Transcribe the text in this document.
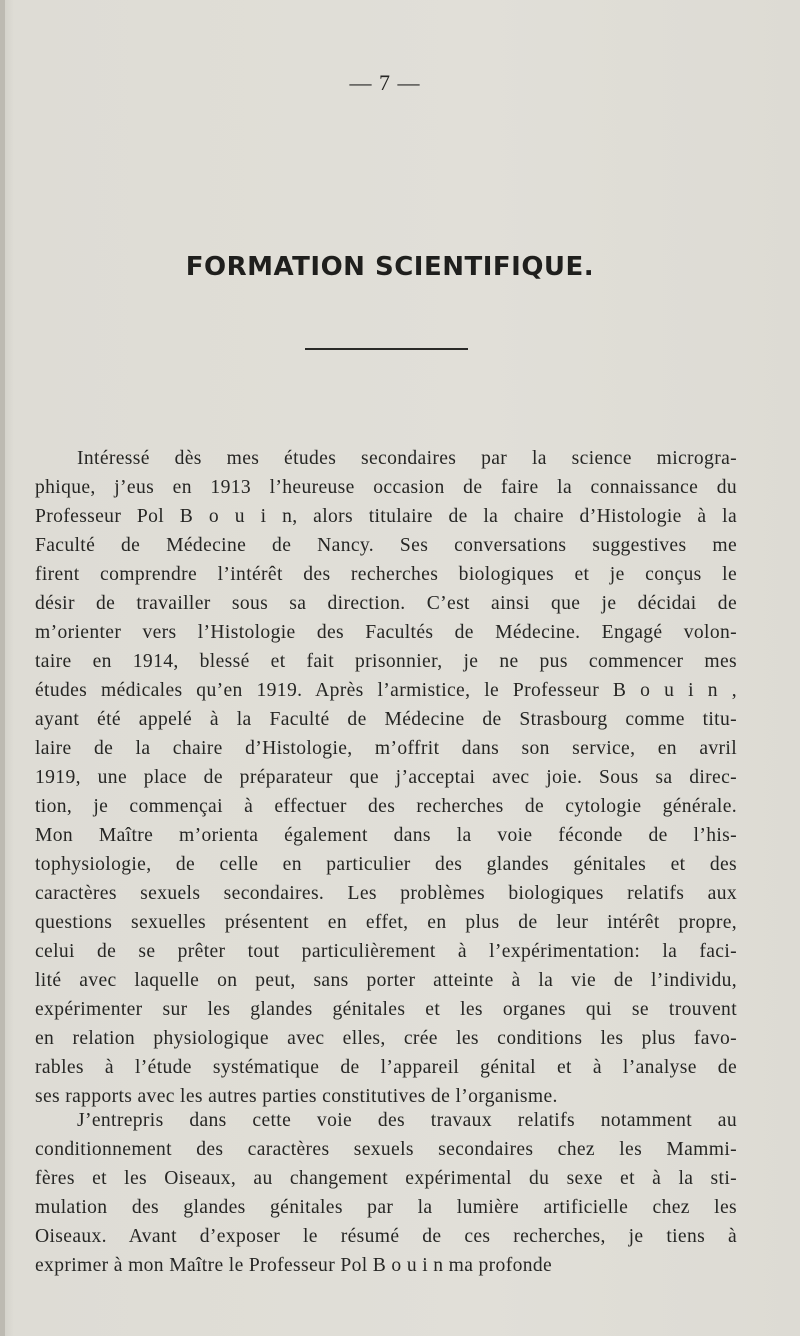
— 7 —
FORMATION SCIENTIFIQUE.
Intéressé dès mes études secondaires par la science microgra-
phique, j’eus en 1913 l’heureuse occasion de faire la connaissance du
Professeur Pol B o u i n, alors titulaire de la chaire d’Histologie à la
Faculté de Médecine de Nancy. Ses conversations suggestives me
firent comprendre l’intérêt des recherches biologiques et je conçus le
désir de travailler sous sa direction. C’est ainsi que je décidai de
m’orienter vers l’Histologie des Facultés de Médecine. Engagé volon-
taire en 1914, blessé et fait prisonnier, je ne pus commencer mes
études médicales qu’en 1919. Après l’armistice, le Professeur B o u i n ,
ayant été appelé à la Faculté de Médecine de Strasbourg comme titu-
laire de la chaire d’Histologie, m’offrit dans son service, en avril
1919, une place de préparateur que j’acceptai avec joie. Sous sa direc-
tion, je commençai à effectuer des recherches de cytologie générale.
Mon Maître m’orienta également dans la voie féconde de l’his-
tophysiologie, de celle en particulier des glandes génitales et des
caractères sexuels secondaires. Les problèmes biologiques relatifs aux
questions sexuelles présentent en effet, en plus de leur intérêt propre,
celui de se prêter tout particulièrement à l’expérimentation: la faci-
lité avec laquelle on peut, sans porter atteinte à la vie de l’individu,
expérimenter sur les glandes génitales et les organes qui se trouvent
en relation physiologique avec elles, crée les conditions les plus favo-
rables à l’étude systématique de l’appareil génital et à l’analyse de
ses rapports avec les autres parties constitutives de l’organisme.
J’entrepris dans cette voie des travaux relatifs notamment au
conditionnement des caractères sexuels secondaires chez les Mammi-
fères et les Oiseaux, au changement expérimental du sexe et à la sti-
mulation des glandes génitales par la lumière artificielle chez les
Oiseaux. Avant d’exposer le résumé de ces recherches, je tiens à
exprimer à mon Maître le Professeur Pol B o u i n ma profonde
